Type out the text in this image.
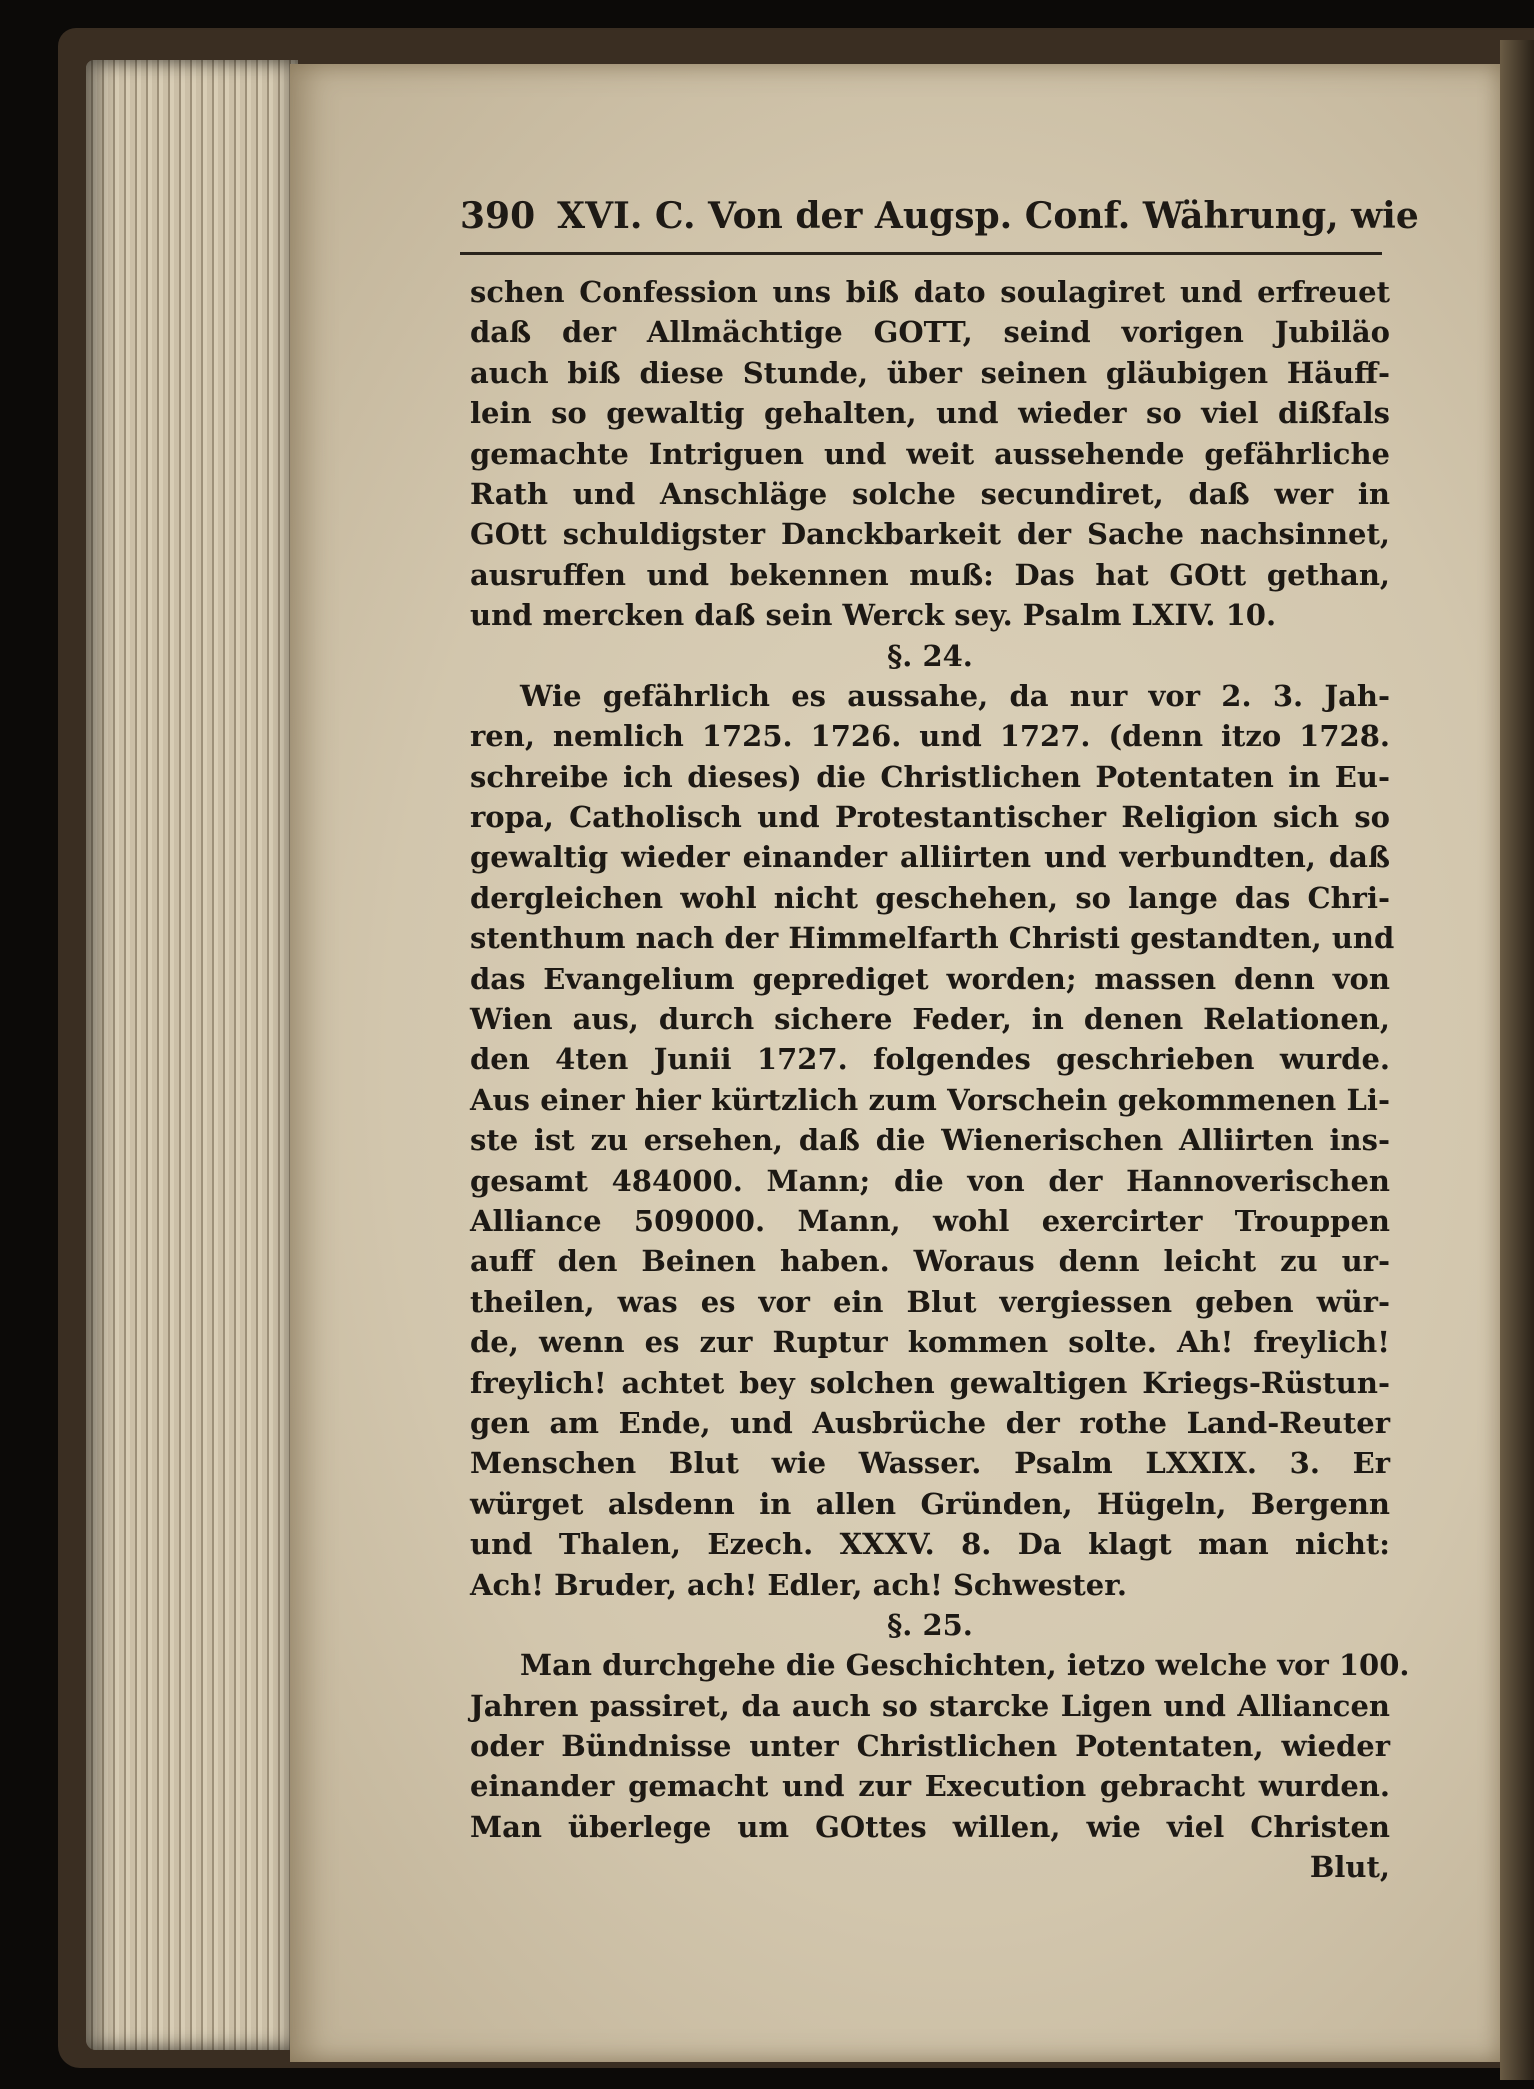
390 XVI. C. Von der Augsp. Conf. Währung, wie
schen Confession uns biß dato soulagiret und erfreuet
daß der Allmächtige GOTT, seind vorigen Jubiläo
auch biß diese Stunde, über seinen gläubigen Häuff-
lein so gewaltig gehalten, und wieder so viel dißfals
gemachte Intriguen und weit aussehende gefährliche
Rath und Anschläge solche secundiret, daß wer in
GOtt schuldigster Danckbarkeit der Sache nachsinnet,
ausruffen und bekennen muß: Das hat GOtt gethan,
und mercken daß sein Werck sey. Psalm LXIV. 10.
§. 24.
Wie gefährlich es aussahe, da nur vor 2. 3. Jah-
ren, nemlich 1725. 1726. und 1727. (denn itzo 1728.
schreibe ich dieses) die Christlichen Potentaten in Eu-
ropa, Catholisch und Protestantischer Religion sich so
gewaltig wieder einander alliirten und verbundten, daß
dergleichen wohl nicht geschehen, so lange das Chri-
stenthum nach der Himmelfarth Christi gestandten, und
das Evangelium geprediget worden; massen denn von
Wien aus, durch sichere Feder, in denen Relationen,
den 4ten Junii 1727. folgendes geschrieben wurde.
Aus einer hier kürtzlich zum Vorschein gekommenen Li-
ste ist zu ersehen, daß die Wienerischen Alliirten ins-
gesamt 484000. Mann; die von der Hannoverischen
Alliance 509000. Mann, wohl exercirter Trouppen
auff den Beinen haben. Woraus denn leicht zu ur-
theilen, was es vor ein Blut vergiessen geben wür-
de, wenn es zur Ruptur kommen solte. Ah! freylich!
freylich! achtet bey solchen gewaltigen Kriegs-Rüstun-
gen am Ende, und Ausbrüche der rothe Land-Reuter
Menschen Blut wie Wasser. Psalm LXXIX. 3. Er
würget alsdenn in allen Gründen, Hügeln, Bergenn
und Thalen, Ezech. XXXV. 8. Da klagt man nicht:
Ach! Bruder, ach! Edler, ach! Schwester.
§. 25.
Man durchgehe die Geschichten, ietzo welche vor 100.
Jahren passiret, da auch so starcke Ligen und Alliancen
oder Bündnisse unter Christlichen Potentaten, wieder
einander gemacht und zur Execution gebracht wurden.
Man überlege um GOttes willen, wie viel Christen
Blut,
